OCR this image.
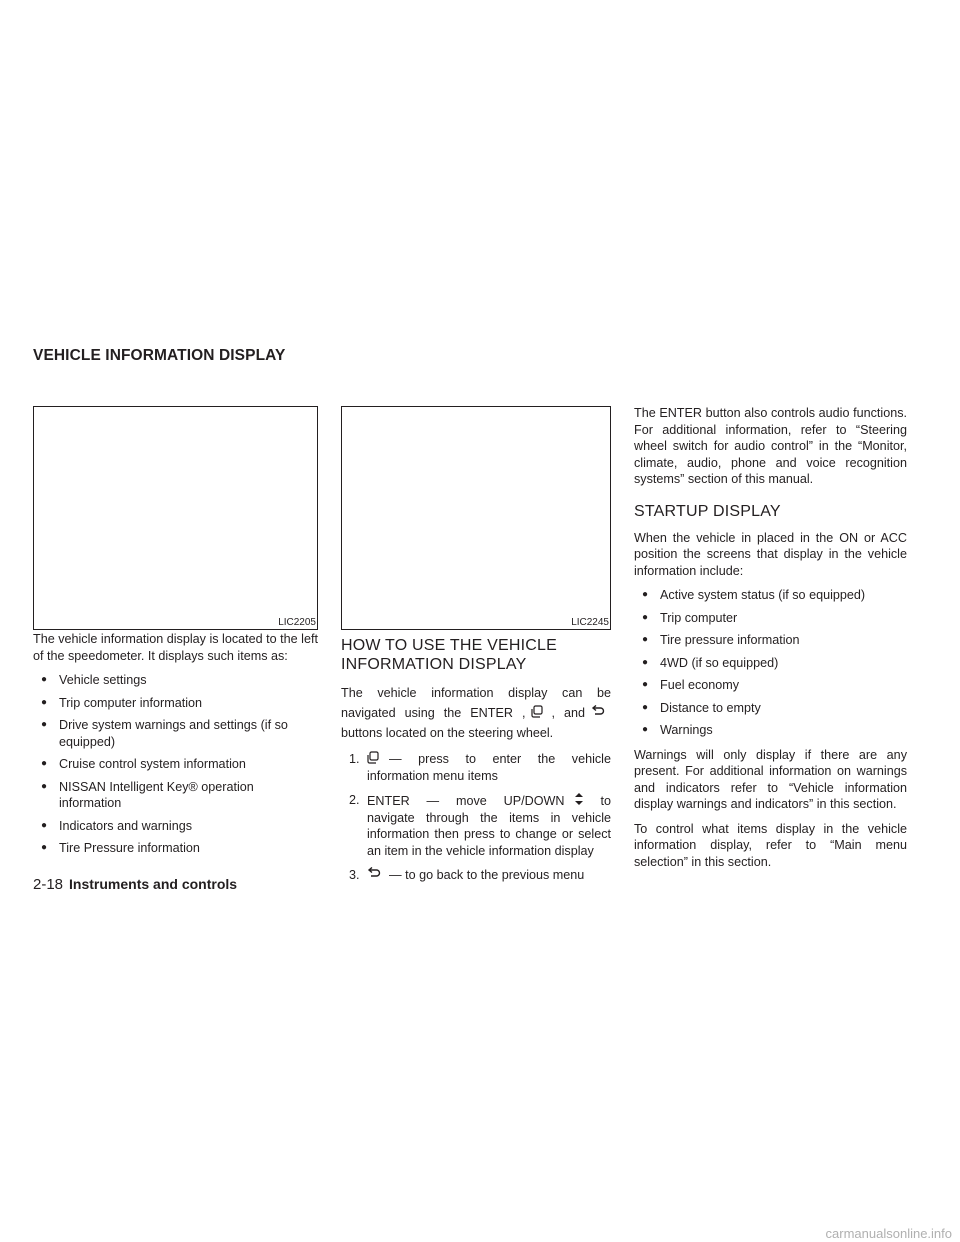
VEHICLE INFORMATION DISPLAY
LIC2205	LIC2245

The vehicle information display is located to the left of the speedometer. It displays such items as:

● Vehicle settings
● Trip computer information
● Drive system warnings and settings (if so equipped)
● Cruise control system information
● NISSAN Intelligent Key® operation information
● Indicators and warnings
● Tire Pressure information
HOW TO USE THE VEHICLE INFORMATION DISPLAY

The vehicle information display can be navigated using the ENTER , , andbuttons located on the steering wheel.

1. — press to enter the vehicle information menu items
2. ENTER — move UP/DOWN	to navigate through the items in vehicle information then press to change or select an item in the vehicle information display
3. — to go back to the previous menu

The ENTER button also controls audio functions. For additional information, refer to “Steering wheel switch for audio control” in the “Monitor, climate, audio, phone and voice recognition systems” section of this manual.

STARTUP DISPLAY

When the vehicle in placed in the ON or ACC position the screens that display in the vehicle information include:

● Active system status (if so equipped)
● Trip computer
● Tire pressure information
● 4WD (if so equipped)
● Fuel economy
● Distance to empty
● Warnings

Warnings will only display if there are any present. For additional information on warnings and indicators refer to “Vehicle information display warnings and indicators” in this section.

To control what items display in the vehicle information display, refer to “Main menu selection” in this section.

2-18 Instruments and controls
carmanualsonline.info
